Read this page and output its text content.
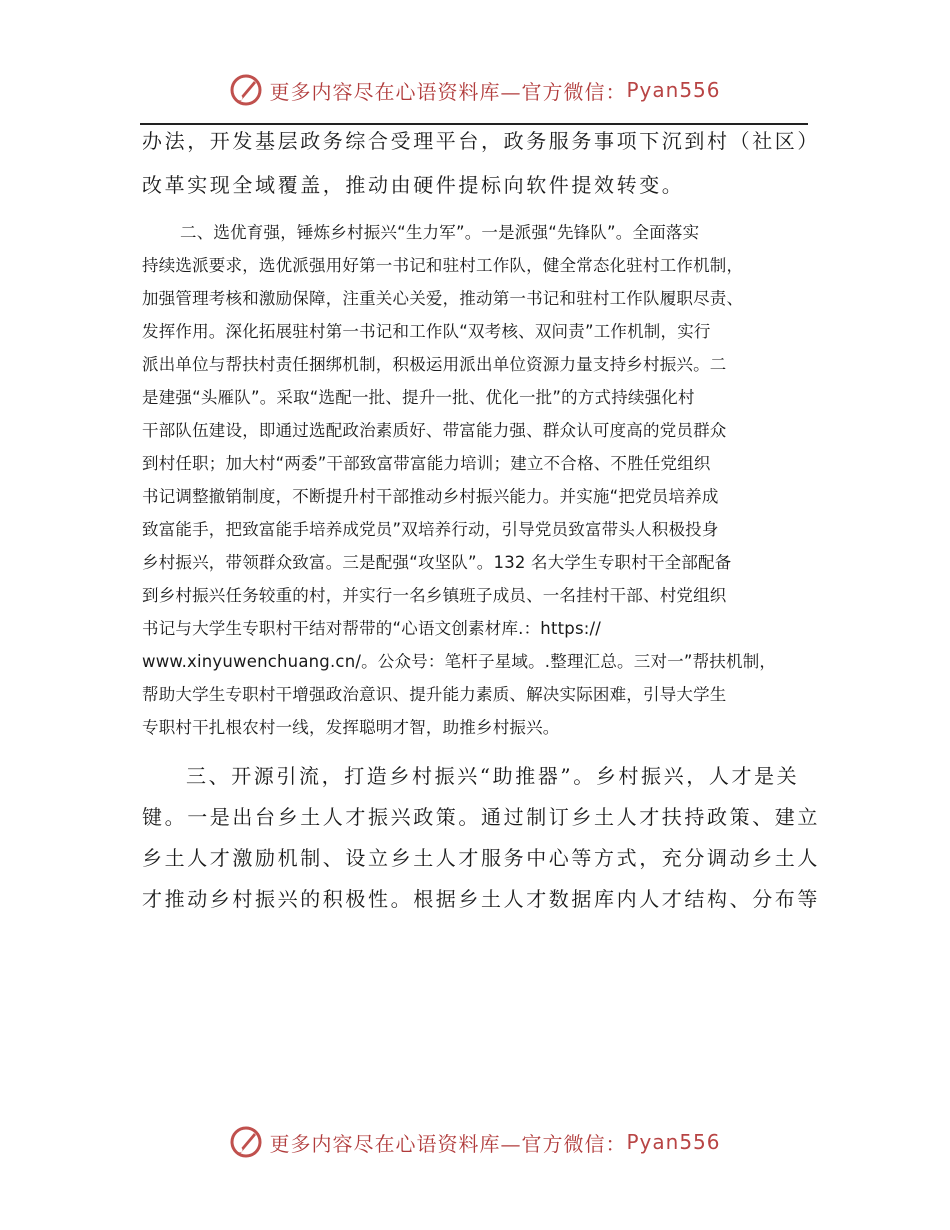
更多内容尽在心语资料库—官方微信： Pyan556

办法，开发基层政务综合受理平台，政务服务事项下沉到村（社区）
改革实现全域覆盖，推动由硬件提标向软件提效转变。

二、选优育强，锤炼乡村振兴“生力军”。一是派强“先锋队”。全面落实
持续选派要求，选优派强用好第一书记和驻村工作队，健全常态化驻村工作机制，
加强管理考核和激励保障，注重关心关爱，推动第一书记和驻村工作队履职尽责、
发挥作用。深化拓展驻村第一书记和工作队“双考核、双问责”工作机制，实行
派出单位与帮扶村责任捆绑机制，积极运用派出单位资源力量支持乡村振兴。二
是建强“头雁队”。采取“选配一批、提升一批、优化一批”的方式持续强化村
干部队伍建设，即通过选配政治素质好、带富能力强、群众认可度高的党员群众
到村任职；加大村“两委”干部致富带富能力培训；建立不合格、不胜任党组织
书记调整撤销制度，不断提升村干部推动乡村振兴能力。并实施“把党员培养成
致富能手，把致富能手培养成党员”双培养行动，引导党员致富带头人积极投身
乡村振兴，带领群众致富。三是配强“攻坚队”。132 名大学生专职村干全部配备
到乡村振兴任务较重的村，并实行一名乡镇班子成员、一名挂村干部、村党组织
书记与大学生专职村干结对帮带的“心语文创素材库.：https://
www.xinyuwenchuang.cn/。公众号：笔杆子星域。.整理汇总。三对一”帮扶机制，
帮助大学生专职村干增强政治意识、提升能力素质、解决实际困难，引导大学生
专职村干扎根农村一线，发挥聪明才智，助推乡村振兴。

三、开源引流，打造乡村振兴“助推器”。乡村振兴，人才是关
键。一是出台乡土人才振兴政策。通过制订乡土人才扶持政策、建立
乡土人才激励机制、设立乡土人才服务中心等方式，充分调动乡土人
才推动乡村振兴的积极性。根据乡土人才数据库内人才结构、分布等

更多内容尽在心语资料库—官方微信： Pyan556
